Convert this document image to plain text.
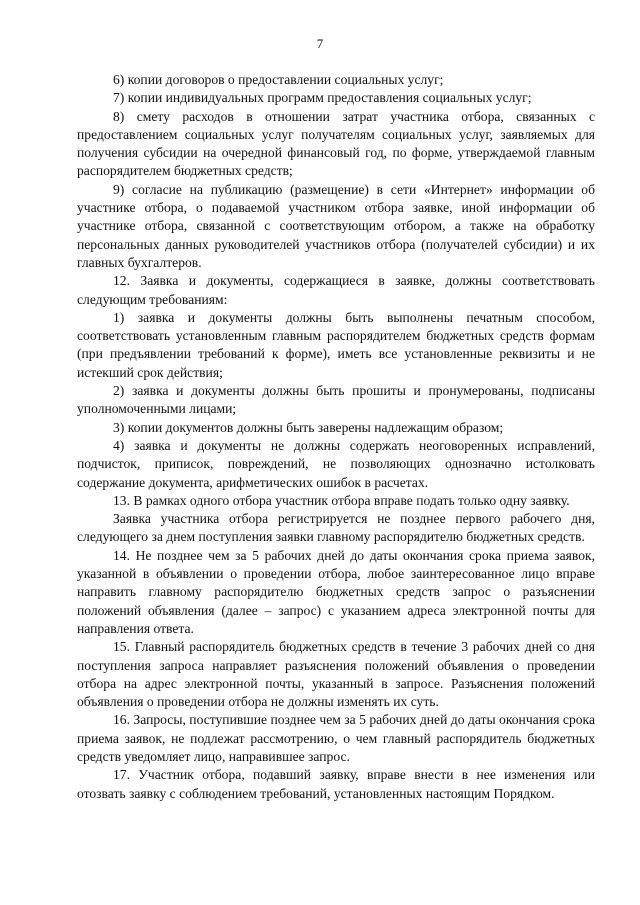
7

6) копии договоров о предоставлении социальных услуг;

7) копии индивидуальных программ предоставления социальных услуг;

8) смету расходов в отношении затрат участника отбора, связанных с предоставлением социальных услуг получателям социальных услуг, заявляемых для получения субсидии на очередной финансовый год, по форме, утверждаемой главным распорядителем бюджетных средств;

9) согласие на публикацию (размещение) в сети «Интернет» информации об участнике отбора, о подаваемой участником отбора заявке, иной информации об участнике отбора, связанной с соответствующим отбором, а также на обработку персональных данных руководителей участников отбора (получателей субсидии) и их главных бухгалтеров.

12. Заявка и документы, содержащиеся в заявке, должны соответствовать следующим требованиям:

1) заявка и документы должны быть выполнены печатным способом, соответствовать установленным главным распорядителем бюджетных средств формам (при предъявлении требований к форме), иметь все установленные реквизиты и не истекший срок действия;

2) заявка и документы должны быть прошиты и пронумерованы, подписаны уполномоченными лицами;

3) копии документов должны быть заверены надлежащим образом;

4) заявка и документы не должны содержать неоговоренных исправлений, подчисток, приписок, повреждений, не позволяющих однозначно истолковать содержание документа, арифметических ошибок в расчетах.

13. В рамках одного отбора участник отбора вправе подать только одну заявку.

Заявка участника отбора регистрируется не позднее первого рабочего дня, следующего за днем поступления заявки главному распорядителю бюджетных средств.

14. Не позднее чем за 5 рабочих дней до даты окончания срока приема заявок, указанной в объявлении о проведении отбора, любое заинтересованное лицо вправе направить главному распорядителю бюджетных средств запрос о разъяснении положений объявления (далее – запрос) с указанием адреса электронной почты для направления ответа.

15. Главный распорядитель бюджетных средств в течение 3 рабочих дней со дня поступления запроса направляет разъяснения положений объявления о проведении отбора на адрес электронной почты, указанный в запросе. Разъяснения положений объявления о проведении отбора не должны изменять их суть.

16. Запросы, поступившие позднее чем за 5 рабочих дней до даты окончания срока приема заявок, не подлежат рассмотрению, о чем главный распорядитель бюджетных средств уведомляет лицо, направившее запрос.

17. Участник отбора, подавший заявку, вправе внести в нее изменения или отозвать заявку с соблюдением требований, установленных настоящим Порядком.
